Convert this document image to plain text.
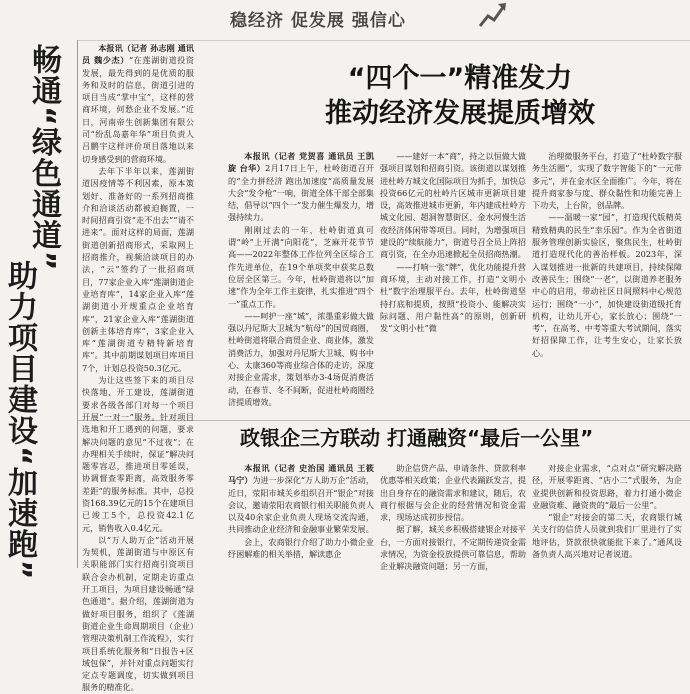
稳经济 促发展 强信心
畅通“绿色通道”
助力项目建设“加速跑”

本报讯（记者 孙志刚 通讯员 魏少杰）“在莲湖街道投资发展，最先得到的是优质的服务和及时的信息，街道引进的项目当成“掌中宝”，这样的营商环境，何愁企业不发展。”近日，河南帝生创新集团有限公司“纷乱岛嘉年华”项目负责人吕鹏宇这样评价项目落地以来切身感受到的营商环境。

去年下半年以来，莲湖街道因疫情等不利因素，原本策划好、准备好的一系列招商推介和洽谈活动都被迫搁置，一时间招商引资“走不出去”“请不进来”。面对这样的局面，莲湖街道创新招商形式，采取网上招商推介，视频洽谈项目的办法，“云”签约了一批招商项目，77家企业入库“莲湖街道企业培育库”，14家企业入库“莲湖街道小开规重点企业培育库”，21家企业入库“莲湖街道创新主体培育库”，3家企业入库“莲湖街道专精特新培育库”。其中前期谋划项目库项目7个，计划总投资50.3亿元。

为让这些签下来的项目尽快落地、开工建设，莲湖街道要求各级各部门对每一个项目开展“一对一”服务。针对项目选地和开工遇到的问题，要求解决问题的意见“不过夜”；在办理相关手续时，保证“解决问题零容忍，推进项目零延误，协调督查零距离，高效服务零差距”的服务标准。其中，总投资168.39亿元的15个在建项目已竣工5个，总投资42.1亿元，销售收入0.4亿元。

以“万人助万企”活动开展为契机，莲湖街道与中原区有关职能部门实行招商引资项目联合会办机制，定期走访重点开工项目，为项目建设畅通“绿色通道”。据介绍，莲湖街道为做好项目服务，组织了《莲湖街道企业生命周期项目（企业）管理决策机制工作流程》，实行项目系统化服务和“日报告+区域包保”，并针对重点问题实行定点专题调度，切实做到项目服务的精准化。

“四个一”精准发力
推动经济发展提质增效

本报讯（记者 党贺喜 通讯员 王凯旋 台华）2月17日上午，杜岭街道召开的“全力拼经济 跑出加速度”高质量发展大会“发令枪”一响，街道全体干部全部集结，倡导以“四个一”发力催生爆发力，增强持续力。

刚刚过去的一年，杜岭街道真可谓“岭”上开满“向阳花”，芝麻开花节节高——2022年整体工作位列全区综合工作先进单位，在19个单项奖中获奖总数位居全区第三。今年，杜岭街道将以“加速”作为全年工作主旋律，扎实推进“四个一”重点工作。

——呵护一座“城”，浓墨重彩做大做强以丹尼斯大卫城为“航母”的国贸商圈，杜岭街道将联合商贸企业、商业体，激发消费活力，加强对丹尼斯大卫城、购书中心、太康360等商业综合体的走访，深度对接企业需求，策划举办3-4场促消费活动，在春节、冬不间断，促进杜岭商圈经济提质增效。

——建好一本“商”，持之以恒做大做强项目谋划和招商引资。该街道以谋划推进杜岭方城文化国际项目为抓手，加快总投资66亿元的杜岭片区城市更新项目建设，高效推进城市更新，年内建成杜岭方城文化园、超洞智慧街区、金水河慢生活夜经济体闲带等项目。同时，为增强项目建设的“续航能力”，街道号召全员上阵招商引资，在全办迅速掀起全员招商热潮。

——打响一张“牌”，优化功能提升营商环境，主动对接工作，打造“文明小杜”数字治理服平台。去年，杜岭街道坚持打底和提质，按照“投资小、能解决实际问题、用户黏性高”的原则，创新研发“文明小杜”微

治理微服务平台，打造了“杜岭数字服务生活圈”，实现了数字智能下的“一元带多元”，并在金水区全面推广。今年，将在提升商家参与度、群众黏性和功能完善上下功夫，上台阶，创品牌。

——温暖一家“园”，打造现代版精英精致精典的民生“幸乐园”。作为全省街道服务管理创新实验区，聚焦民生，杜岭街道打造现代化的善治样板。2023年，深入谋划推进一批新的共建项目，持续保障改善民生；围绕“一老”，以街道养老服务中心的启用，带动社区日间照料中心规范运行；围绕“一小”，加快建设街道级托育机构，让幼儿开心，家长放心；围绕“一考”，在高考、中考等重大考试期间，落实好招保障工作，让考生安心，让家长放心。

政银企三方联动 打通融资“最后一公里”

本报讯（记者 史治国 通讯员 王筱 马宁）为进一步深化“万人助万企”活动，近日，荥阳市城关乡组织召开“银企”对接会议，邀请荥阳农商银行相关职能负责人以及40余家企业负责人现场交流沟通，共同推动企业经济和金融事业繁荣发展。

会上，农商银行介绍了助力小微企业纾困解难的相关举措，解读惠企

助企信贷产品、申请条件、贷款利率优惠等相关政策；企业代表踊跃发言，提出自身存在的融资需求和建议，随后，农商行根据与会企业的经营情况和资金需求，现场达成初步授信。

据了解，城关乡积极搭建银企对接平台，一方面对接银行，不定期传递资金需求情况，为资金投放提供可靠信息，帮助企业解决融资问题；另一方面，

对接企业需求，“点对点”研究解决路径，开展零距离、“店小二”式服务，为企业提供创新和投资思路，着力打通小微企业融资难、融资贵的“最后一公里”。

“银企”对接会的第二天，农商银行城关支行的信贷人员就到我们厂里进行了实地评估，贷款很快就能批下来了。”通风设备负责人高兴地对记者说道。
